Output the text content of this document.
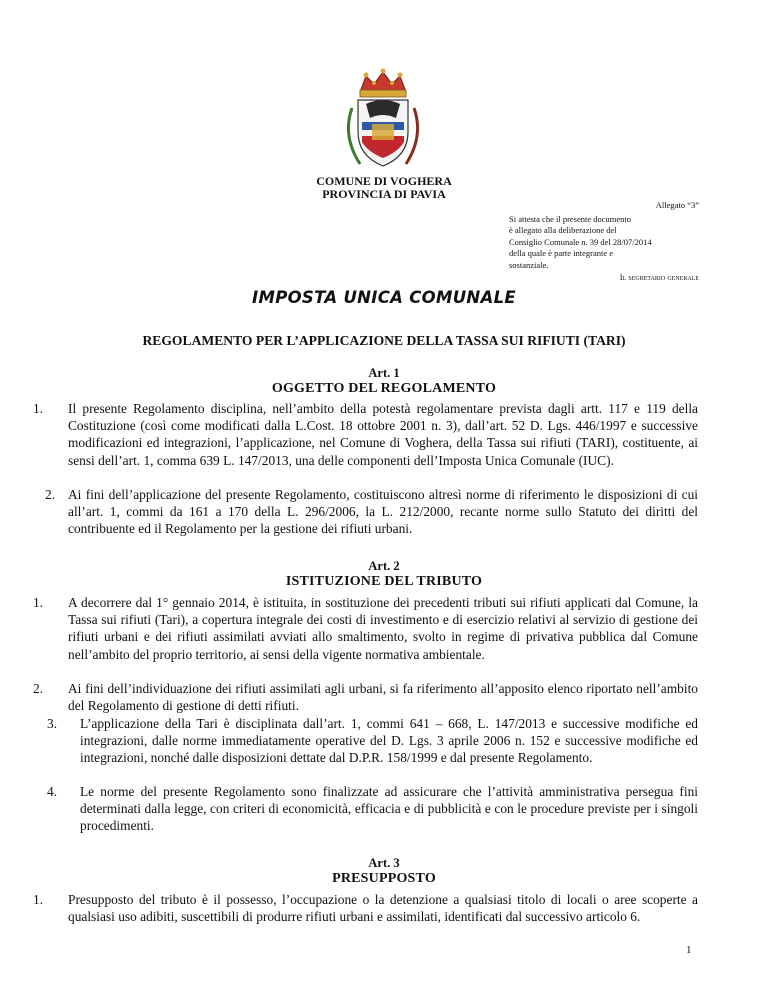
COMUNE DI VOGHERA
PROVINCIA DI PAVIA
Allegato “3”
Si attesta che il presente documento
è allegato alla deliberazione del
Consiglio Comunale n. 39 del 28/07/2014
della quale è parte integrante e
sostanziale.
Il segretario generale
IMPOSTA UNICA COMUNALE
REGOLAMENTO PER L’APPLICAZIONE DELLA TASSA SUI RIFIUTI (TARI)
Art. 1
OGGETTO DEL REGOLAMENTO
1. Il presente Regolamento disciplina, nell’ambito della potestà regolamentare prevista dagli artt. 117 e 119 della Costituzione (così come modificati dalla L.Cost. 18 ottobre 2001 n. 3), dall’art. 52 D. Lgs. 446/1997 e successive modificazioni ed integrazioni, l’applicazione, nel Comune di Voghera, della Tassa sui rifiuti (TARI), costituente, ai sensi dell’art. 1, comma 639 L. 147/2013, una delle componenti dell’Imposta Unica Comunale (IUC).
2. Ai fini dell’applicazione del presente Regolamento, costituiscono altresì norme di riferimento le disposizioni di cui all’art. 1, commi da 161 a 170 della L. 296/2006, la L. 212/2000, recante norme sullo Statuto dei diritti del contribuente ed il Regolamento per la gestione dei rifiuti urbani.
Art. 2
ISTITUZIONE DEL TRIBUTO
1. A decorrere dal 1° gennaio 2014, è istituita, in sostituzione dei precedenti tributi sui rifiuti applicati dal Comune, la Tassa sui rifiuti (Tari), a copertura integrale dei costi di investimento e di esercizio relativi al servizio di gestione dei rifiuti urbani e dei rifiuti assimilati avviati allo smaltimento, svolto in regime di privativa pubblica dal Comune nell’ambito del proprio territorio, ai sensi della vigente normativa ambientale.
2. Ai fini dell’individuazione dei rifiuti assimilati agli urbani, si fa riferimento all’apposito elenco riportato nell’ambito del Regolamento di gestione di detti rifiuti.
3. L’applicazione della Tari è disciplinata dall’art. 1, commi 641 – 668, L. 147/2013 e successive modifiche ed integrazioni, dalle norme immediatamente operative del D. Lgs. 3 aprile 2006 n. 152 e successive modifiche ed integrazioni, nonché dalle disposizioni dettate dal D.P.R. 158/1999 e dal presente Regolamento.
4. Le norme del presente Regolamento sono finalizzate ad assicurare che l’attività amministrativa persegua fini determinati dalla legge, con criteri di economicità, efficacia e di pubblicità e con le procedure previste per i singoli procedimenti.
Art. 3
PRESUPPOSTO
1. Presupposto del tributo è il possesso, l’occupazione o la detenzione a qualsiasi titolo di locali o aree scoperte a qualsiasi uso adibiti, suscettibili di produrre rifiuti urbani e assimilati, identificati dal successivo articolo 6.
1
